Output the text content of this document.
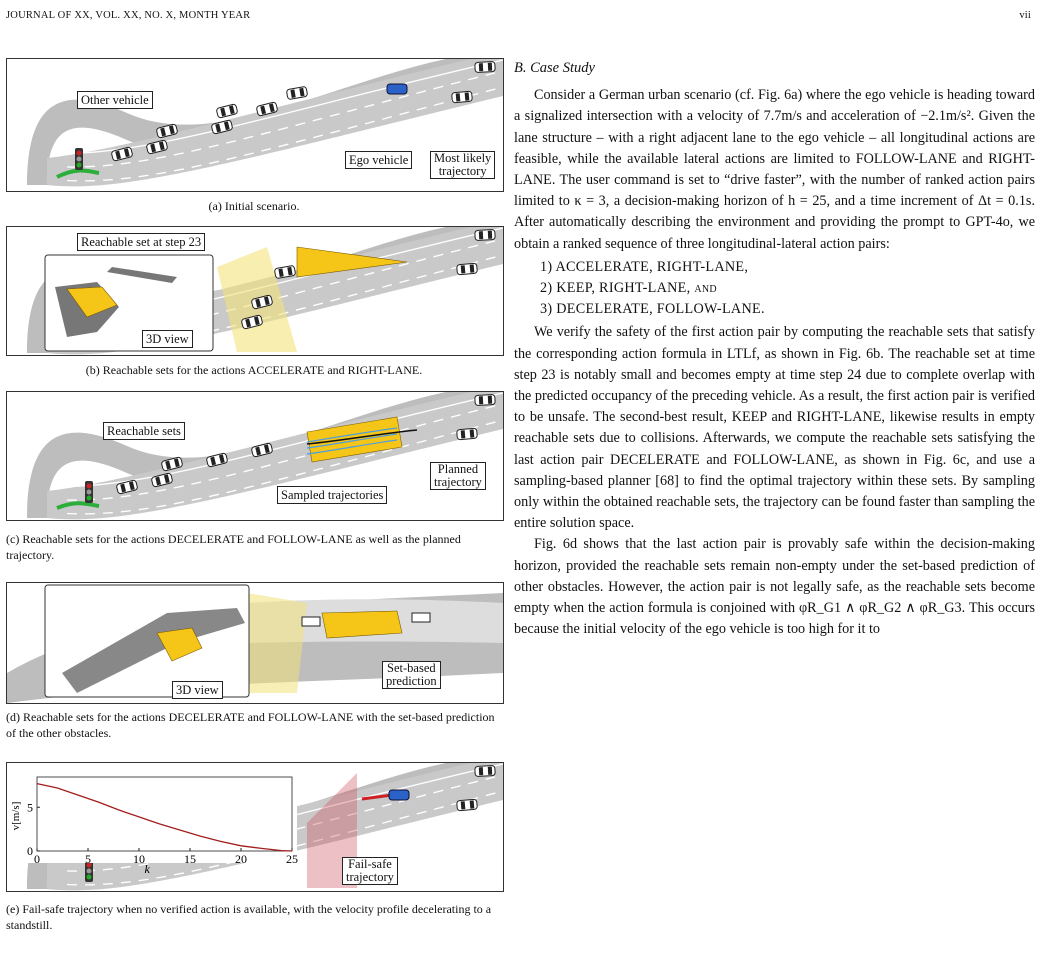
JOURNAL OF XX, VOL. XX, NO. X, MONTH YEAR	vii
Other vehicle
Ego vehicle	Most likely
trajectory
(a) Initial scenario.
Reachable set at step 23
3D view
(b) Reachable sets for the actions ACCELERATE and RIGHT-LANE.
Reachable sets
Sampled trajectories
Planned
trajectory
(c) Reachable sets for the actions DECELERATE and FOLLOW-LANE as well as the planned trajectory.
3D view
Set-based
prediction
(d) Reachable sets for the actions DECELERATE and FOLLOW-LANE with the set-based prediction of the other obstacles.
0	5	10	15	20	25
0
5
k
v[m/s]
Fail-safe
trajectory
(e) Fail-safe trajectory when no verified action is available, with the velocity profile decelerating to a standstill.
B. Case Study

Consider a German urban scenario (cf. Fig. 6a) where the ego vehicle is heading toward a signalized intersection with a velocity of 7.7m/s and acceleration of −2.1m/s². Given the lane structure – with a right adjacent lane to the ego vehicle – all longitudinal actions are feasible, while the available lateral actions are limited to FOLLOW-LANE and RIGHT-LANE. The user command is set to “drive faster”, with the number of ranked action pairs limited to κ = 3, a decision-making horizon of h = 25, and a time increment of Δt = 0.1s. After automatically describing the environment and providing the prompt to GPT-4o, we obtain a ranked sequence of three longitudinal-lateral action pairs:

1) ACCELERATE, RIGHT-LANE,
2) KEEP, RIGHT-LANE, and
3) DECELERATE, FOLLOW-LANE.

We verify the safety of the first action pair by computing the reachable sets that satisfy the corresponding action formula in LTLf, as shown in Fig. 6b. The reachable set at time step 23 is notably small and becomes empty at time step 24 due to complete overlap with the predicted occupancy of the preceding vehicle. As a result, the first action pair is verified to be unsafe. The second-best result, KEEP and RIGHT-LANE, likewise results in empty reachable sets due to collisions. Afterwards, we compute the reachable sets satisfying the last action pair DECELERATE and FOLLOW-LANE, as shown in Fig. 6c, and use a sampling-based planner [68] to find the optimal trajectory within these sets. By sampling only within the obtained reachable sets, the trajectory can be found faster than sampling the entire solution space.

Fig. 6d shows that the last action pair is provably safe within the decision-making horizon, provided the reachable sets remain non-empty under the set-based prediction of other obstacles. However, the action pair is not legally safe, as the reachable sets become empty when the action formula is conjoined with φR_G1 ∧ φR_G2 ∧ φR_G3. This occurs because the initial velocity of the ego vehicle is too high for it to
